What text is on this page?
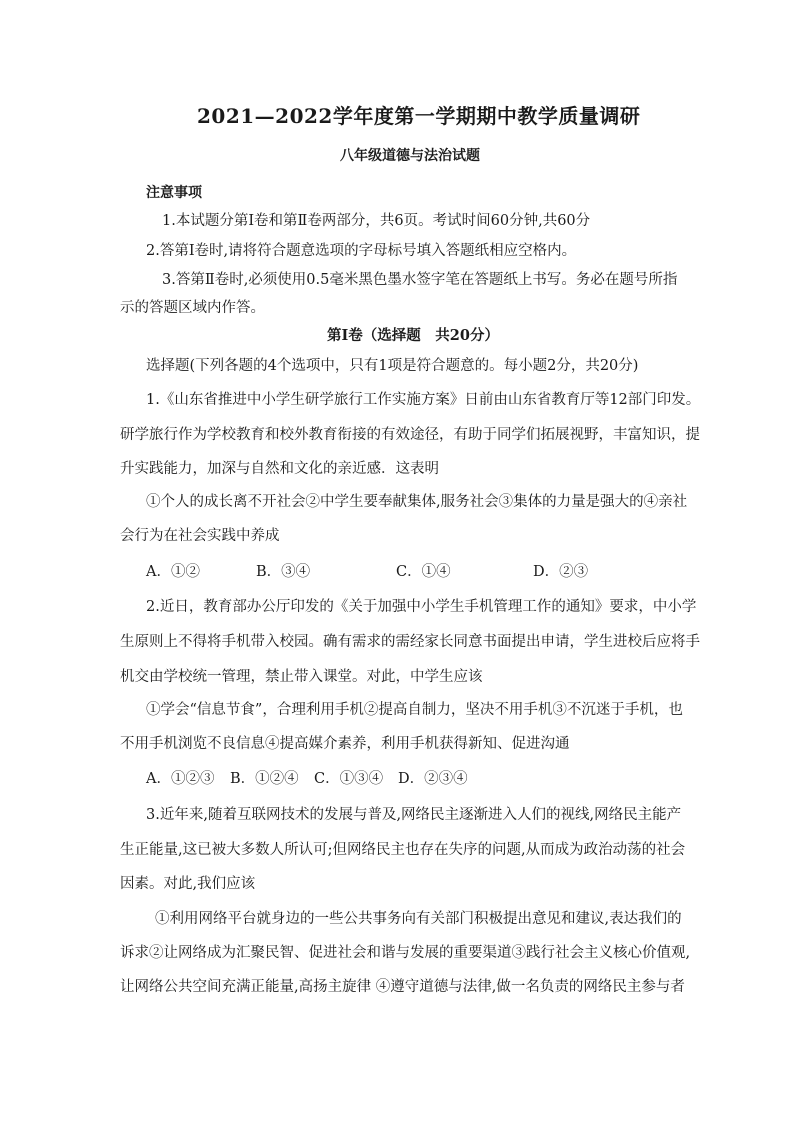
2021—2022学年度第一学期期中教学质量调研
八年级道德与法治试题
注意事项
1.本试题分第Ⅰ卷和第Ⅱ卷两部分，共6页。考试时间60分钟,共60分
2.答第Ⅰ卷时,请将符合题意选项的字母标号填入答题纸相应空格内。
3.答第Ⅱ卷时,必须使用0.5毫米黑色墨水签字笔在答题纸上书写。务必在题号所指
示的答题区域内作答。
第Ⅰ卷（选择题　共20分）
选择题(下列各题的4个选项中，只有1项是符合题意的。每小题2分，共20分)
1.《山东省推进中小学生研学旅行工作实施方案》日前由山东省教育厅等12部门印发。
研学旅行作为学校教育和校外教育衔接的有效途径，有助于同学们拓展视野，丰富知识，提
升实践能力，加深与自然和文化的亲近感．这表明
①个人的成长离不开社会②中学生要奉献集体,服务社会③集体的力量是强大的④亲社
会行为在社会实践中养成
A．①②	B．③④	C．①④	D．②③
2.近日，教育部办公厅印发的《关于加强中小学生手机管理工作的通知》要求，中小学
生原则上不得将手机带入校园。确有需求的需经家长同意书面提出申请，学生进校后应将手
机交由学校统一管理，禁止带入课堂。对此，中学生应该
①学会“信息节食”，合理利用手机②提高自制力，坚决不用手机③不沉迷于手机，也
不用手机浏览不良信息④提高媒介素养，利用手机获得新知、促进沟通
A．①②③ B．①②④ C．①③④ D．②③④
3.近年来,随着互联网技术的发展与普及,网络民主逐渐进入人们的视线,网络民主能产
生正能量,这已被大多数人所认可;但网络民主也存在失序的问题,从而成为政治动荡的社会
因素。对此,我们应该
①利用网络平台就身边的一些公共事务向有关部门积极提出意见和建议,表达我们的
诉求②让网络成为汇聚民智、促进社会和谐与发展的重要渠道③践行社会主义核心价值观,
让网络公共空间充满正能量,高扬主旋律 ④遵守道德与法律,做一名负责的网络民主参与者
